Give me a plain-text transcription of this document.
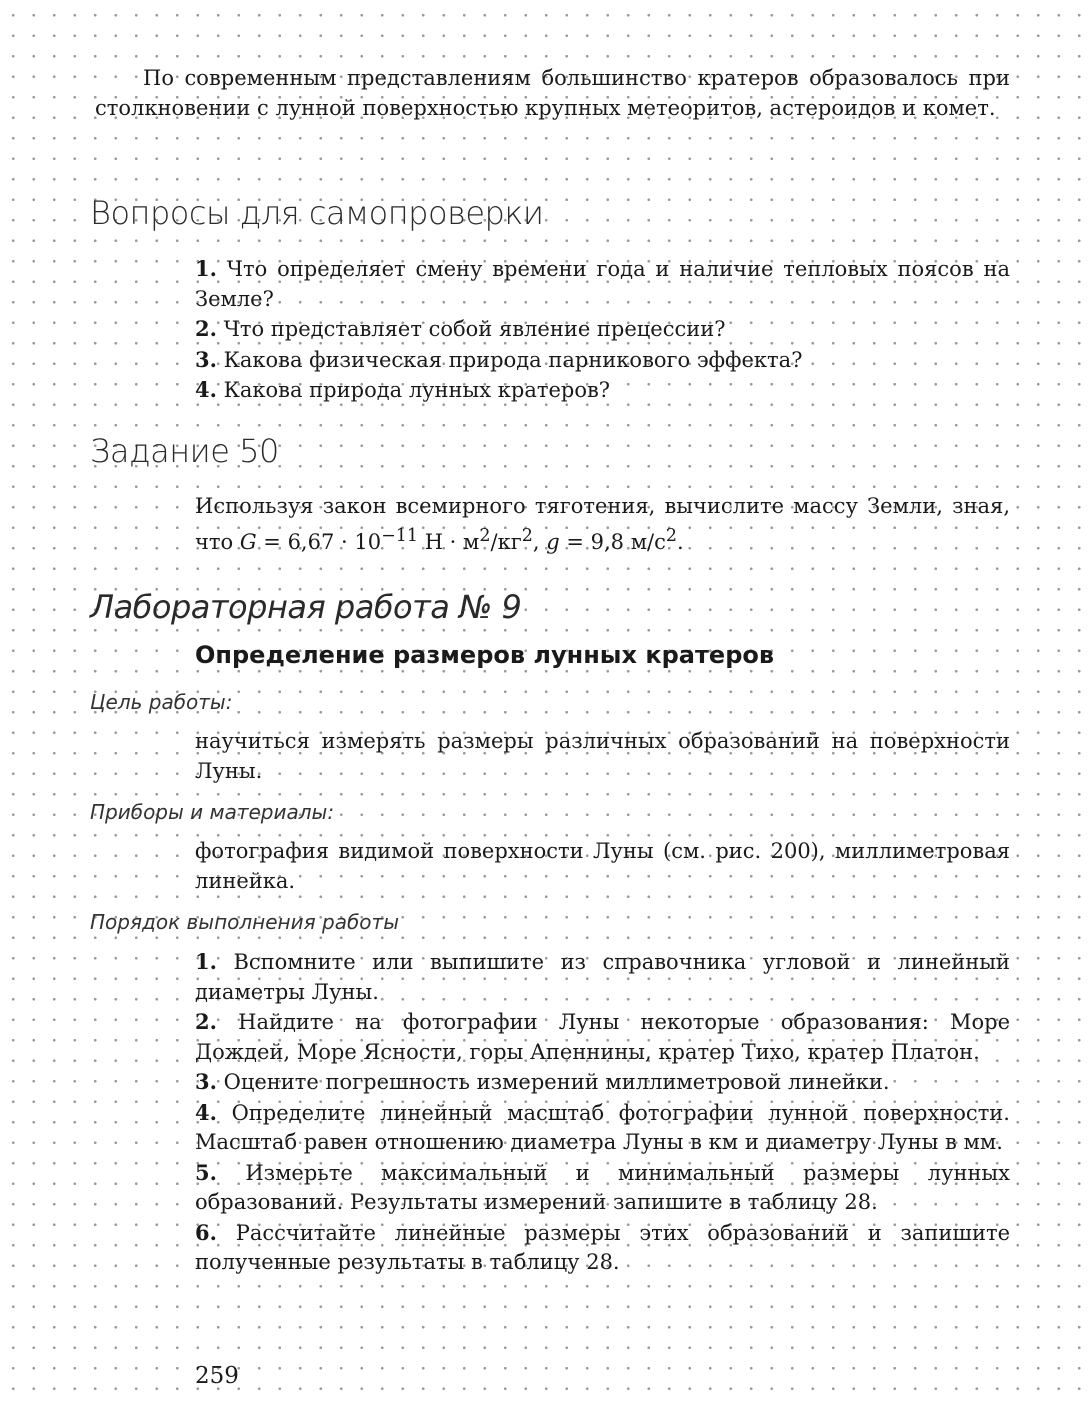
По современным представлениям большинство кратеров образовалось при столкновении с лунной поверхностью крупных метеоритов, астероидов и комет.
Вопросы для самопроверки

1. Что определяет смену времени года и наличие тепловых поясов на Земле?

2. Что представляет собой явление прецессии?

3. Какова физическая природа парникового эффекта?

4. Какова природа лунных кратеров?

Задание 50
Используя закон всемирного тяготения, вычислите массу Земли, зная, что $G = 6,67 \cdot 10^{-11}$ $Н \cdot м^2/кг^2$, g = 9,8 $м/с^2$.
Лабораторная работа № 9
Определение размеров лунных кратеров
Цель работы:
научиться измерять размеры различных образований на поверхности Луны.
Приборы и материалы:
фотография видимой поверхности Луны (см. рис. 200), миллиметровая линейка.
Порядок выполнения работы

1. Вспомните или выпишите из справочника угловой и линейный диаметры Луны.

2. Найдите на фотографии Луны некоторые образования: Море Дождей, Море Ясности, горы Апеннины, кратер Тихо, кратер Платон.

3. Оцените погрешность измерений миллиметровой линейки.

4. Определите линейный масштаб фотографии лунной поверхности. Масштаб равен отношению диаметра Луны в км и диаметру Луны в мм.

5. Измерьте максимальный и минимальный размеры лунных образований. Результаты измерений запишите в таблицу 28.

6. Рассчитайте линейные размеры этих образований и запишите полученные результаты в таблицу 28.

259
